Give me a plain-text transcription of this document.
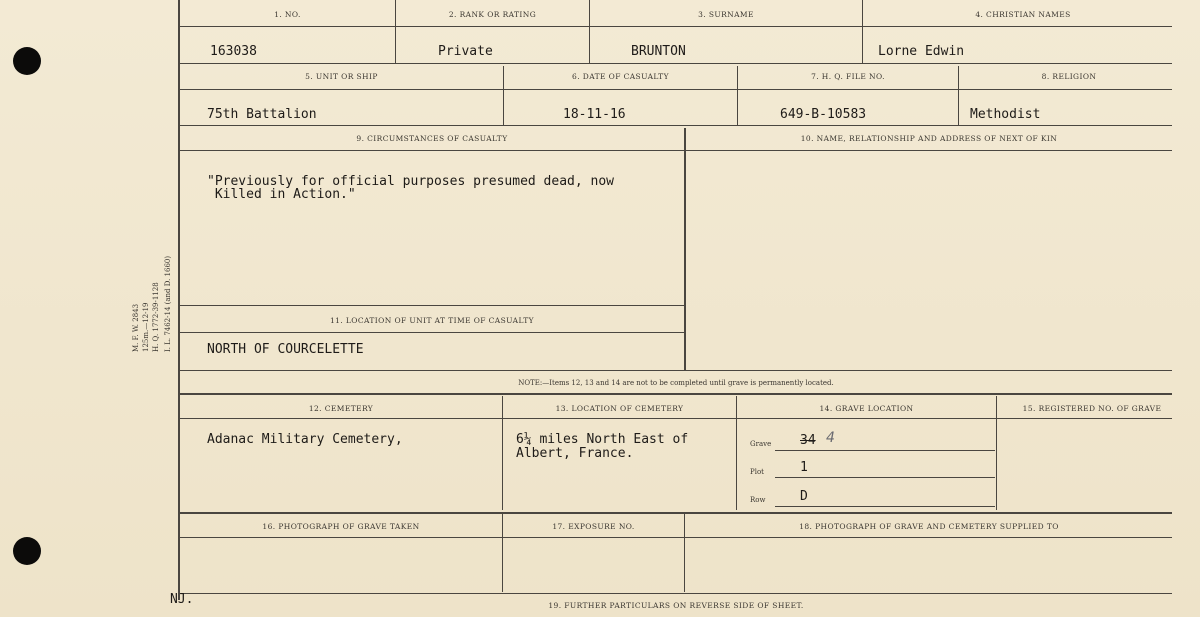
M. F. W. 2843 125m.—12-19 H. Q. 1772-39-1128 I. L. 7462-14 (and D. 1660)
1. NO.	2. RANK OR RATING	3. SURNAME	4. CHRISTIAN NAMES
163038	Private	BRUNTON	Lorne Edwin
5. UNIT OR SHIP	6. DATE OF CASUALTY	7. H. Q. FILE NO.	8. RELIGION
75th Battalion	18-11-16	649-B-10583	Methodist
9. CIRCUMSTANCES OF CASUALTY	10. NAME, RELATIONSHIP AND ADDRESS OF NEXT OF KIN
"Previously for official purposes presumed dead, now
Killed in Action."
11. LOCATION OF UNIT AT TIME OF CASUALTY
NORTH OF COURCELETTE
NOTE:—Items 12, 13 and 14 are not to be completed until grave is permanently located.
12. CEMETERY	13. LOCATION OF CEMETERY	14. GRAVE LOCATION	15. REGISTERED NO. OF GRAVE
Adanac Military Cemetery,	6¼ miles North East of
Albert, France.
Grave 34 4
Plot	1
Row	D
16. PHOTOGRAPH OF GRAVE TAKEN	17. EXPOSURE NO.	18. PHOTOGRAPH OF GRAVE AND CEMETERY SUPPLIED TO
19. FURTHER PARTICULARS ON REVERSE SIDE OF SHEET.
NJ.
